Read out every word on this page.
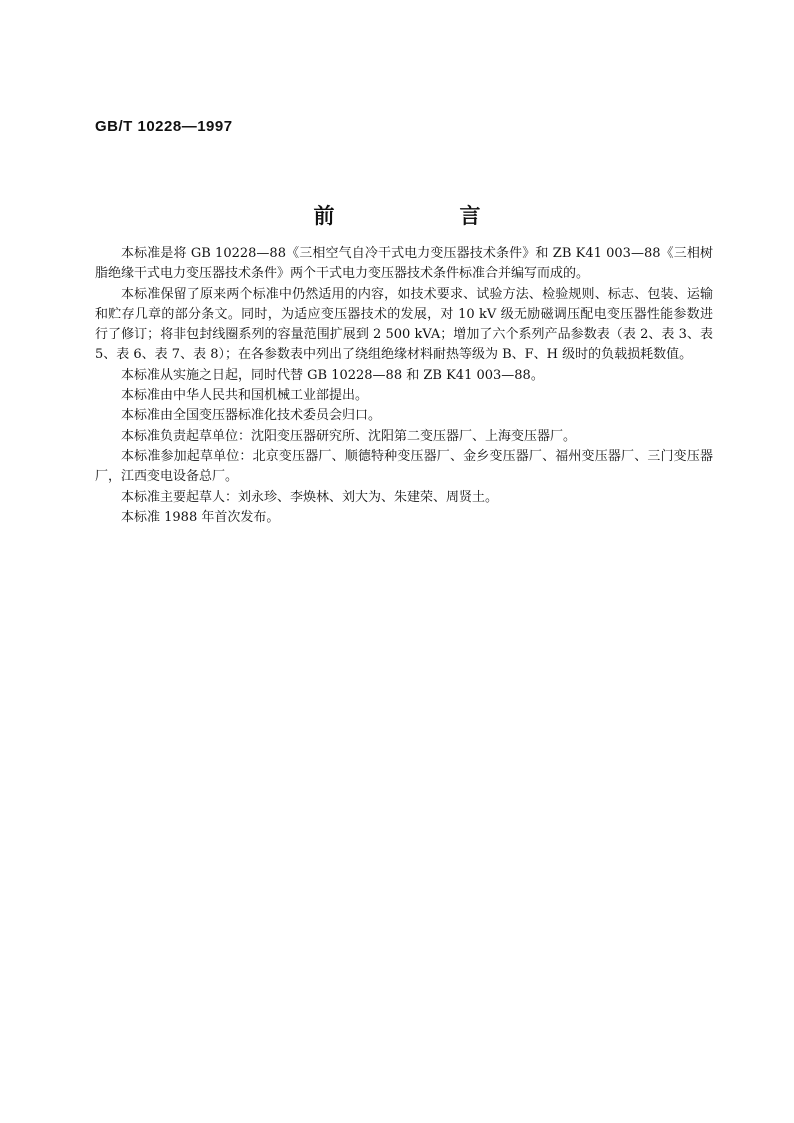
GB/T 10228—1997
前　言

本标准是将 GB 10228—88《三相空气自冷干式电力变压器技术条件》和 ZB K41 003—88《三相树脂绝缘干式电力变压器技术条件》两个干式电力变压器技术条件标准合并编写而成的。

本标准保留了原来两个标准中仍然适用的内容，如技术要求、试验方法、检验规则、标志、包装、运输和贮存几章的部分条文。同时，为适应变压器技术的发展，对 10 kV 级无励磁调压配电变压器性能参数进行了修订；将非包封线圈系列的容量范围扩展到 2 500 kVA；增加了六个系列产品参数表（表 2、表 3、表 5、表 6、表 7、表 8）；在各参数表中列出了绕组绝缘材料耐热等级为 B、F、H 级时的负载损耗数值。

本标准从实施之日起，同时代替 GB 10228—88 和 ZB K41 003—88。

本标准由中华人民共和国机械工业部提出。

本标准由全国变压器标准化技术委员会归口。

本标准负责起草单位：沈阳变压器研究所、沈阳第二变压器厂、上海变压器厂。

本标准参加起草单位：北京变压器厂、顺德特种变压器厂、金乡变压器厂、福州变压器厂、三门变压器厂，江西变电设备总厂。

本标准主要起草人：刘永珍、李焕林、刘大为、朱建荣、周贤土。

本标准 1988 年首次发布。
